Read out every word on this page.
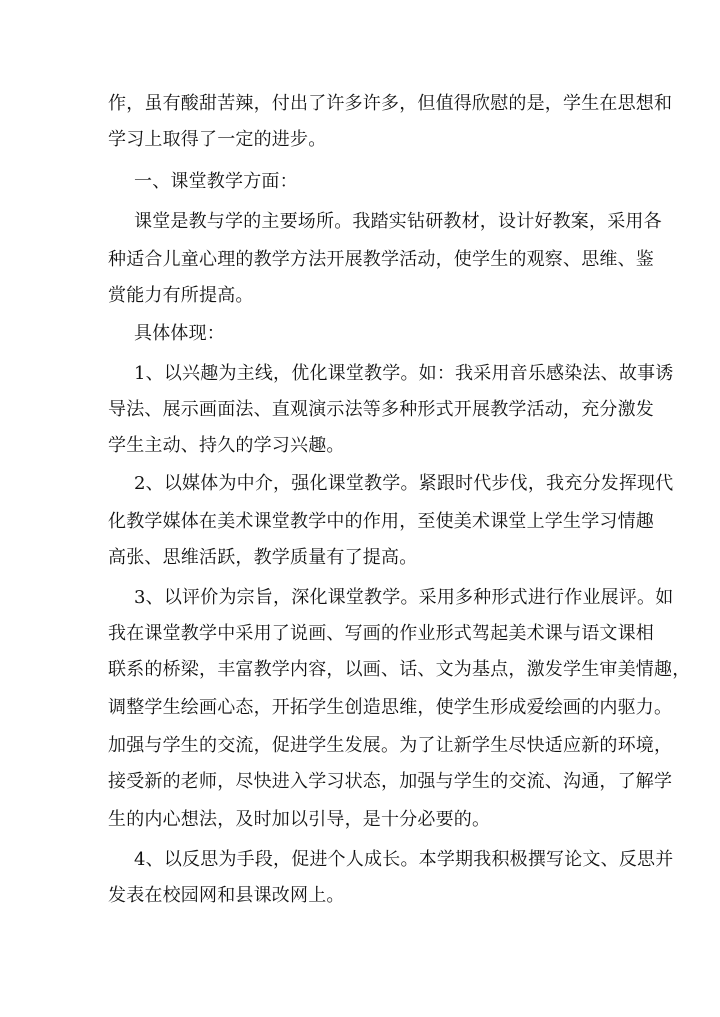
作，虽有酸甜苦辣，付出了许多许多，但值得欣慰的是，学生在思想和
学习上取得了一定的进步。
一、课堂教学方面：
课堂是教与学的主要场所。我踏实钻研教材，设计好教案，采用各
种适合儿童心理的教学方法开展教学活动，使学生的观察、思维、鉴
赏能力有所提高。
具体体现：
1、以兴趣为主线，优化课堂教学。如：我采用音乐感染法、故事诱
导法、展示画面法、直观演示法等多种形式开展教学活动，充分激发
学生主动、持久的学习兴趣。
2、以媒体为中介，强化课堂教学。紧跟时代步伐，我充分发挥现代
化教学媒体在美术课堂教学中的作用，至使美术课堂上学生学习情趣
高张、思维活跃，教学质量有了提高。
3、以评价为宗旨，深化课堂教学。采用多种形式进行作业展评。如
我在课堂教学中采用了说画、写画的作业形式驾起美术课与语文课相
联系的桥梁，丰富教学内容，以画、话、文为基点，激发学生审美情趣，
调整学生绘画心态，开拓学生创造思维，使学生形成爱绘画的内驱力。
加强与学生的交流，促进学生发展。为了让新学生尽快适应新的环境，
接受新的老师，尽快进入学习状态，加强与学生的交流、沟通，了解学
生的内心想法，及时加以引导，是十分必要的。
4、以反思为手段，促进个人成长。本学期我积极撰写论文、反思并
发表在校园网和县课改网上。
